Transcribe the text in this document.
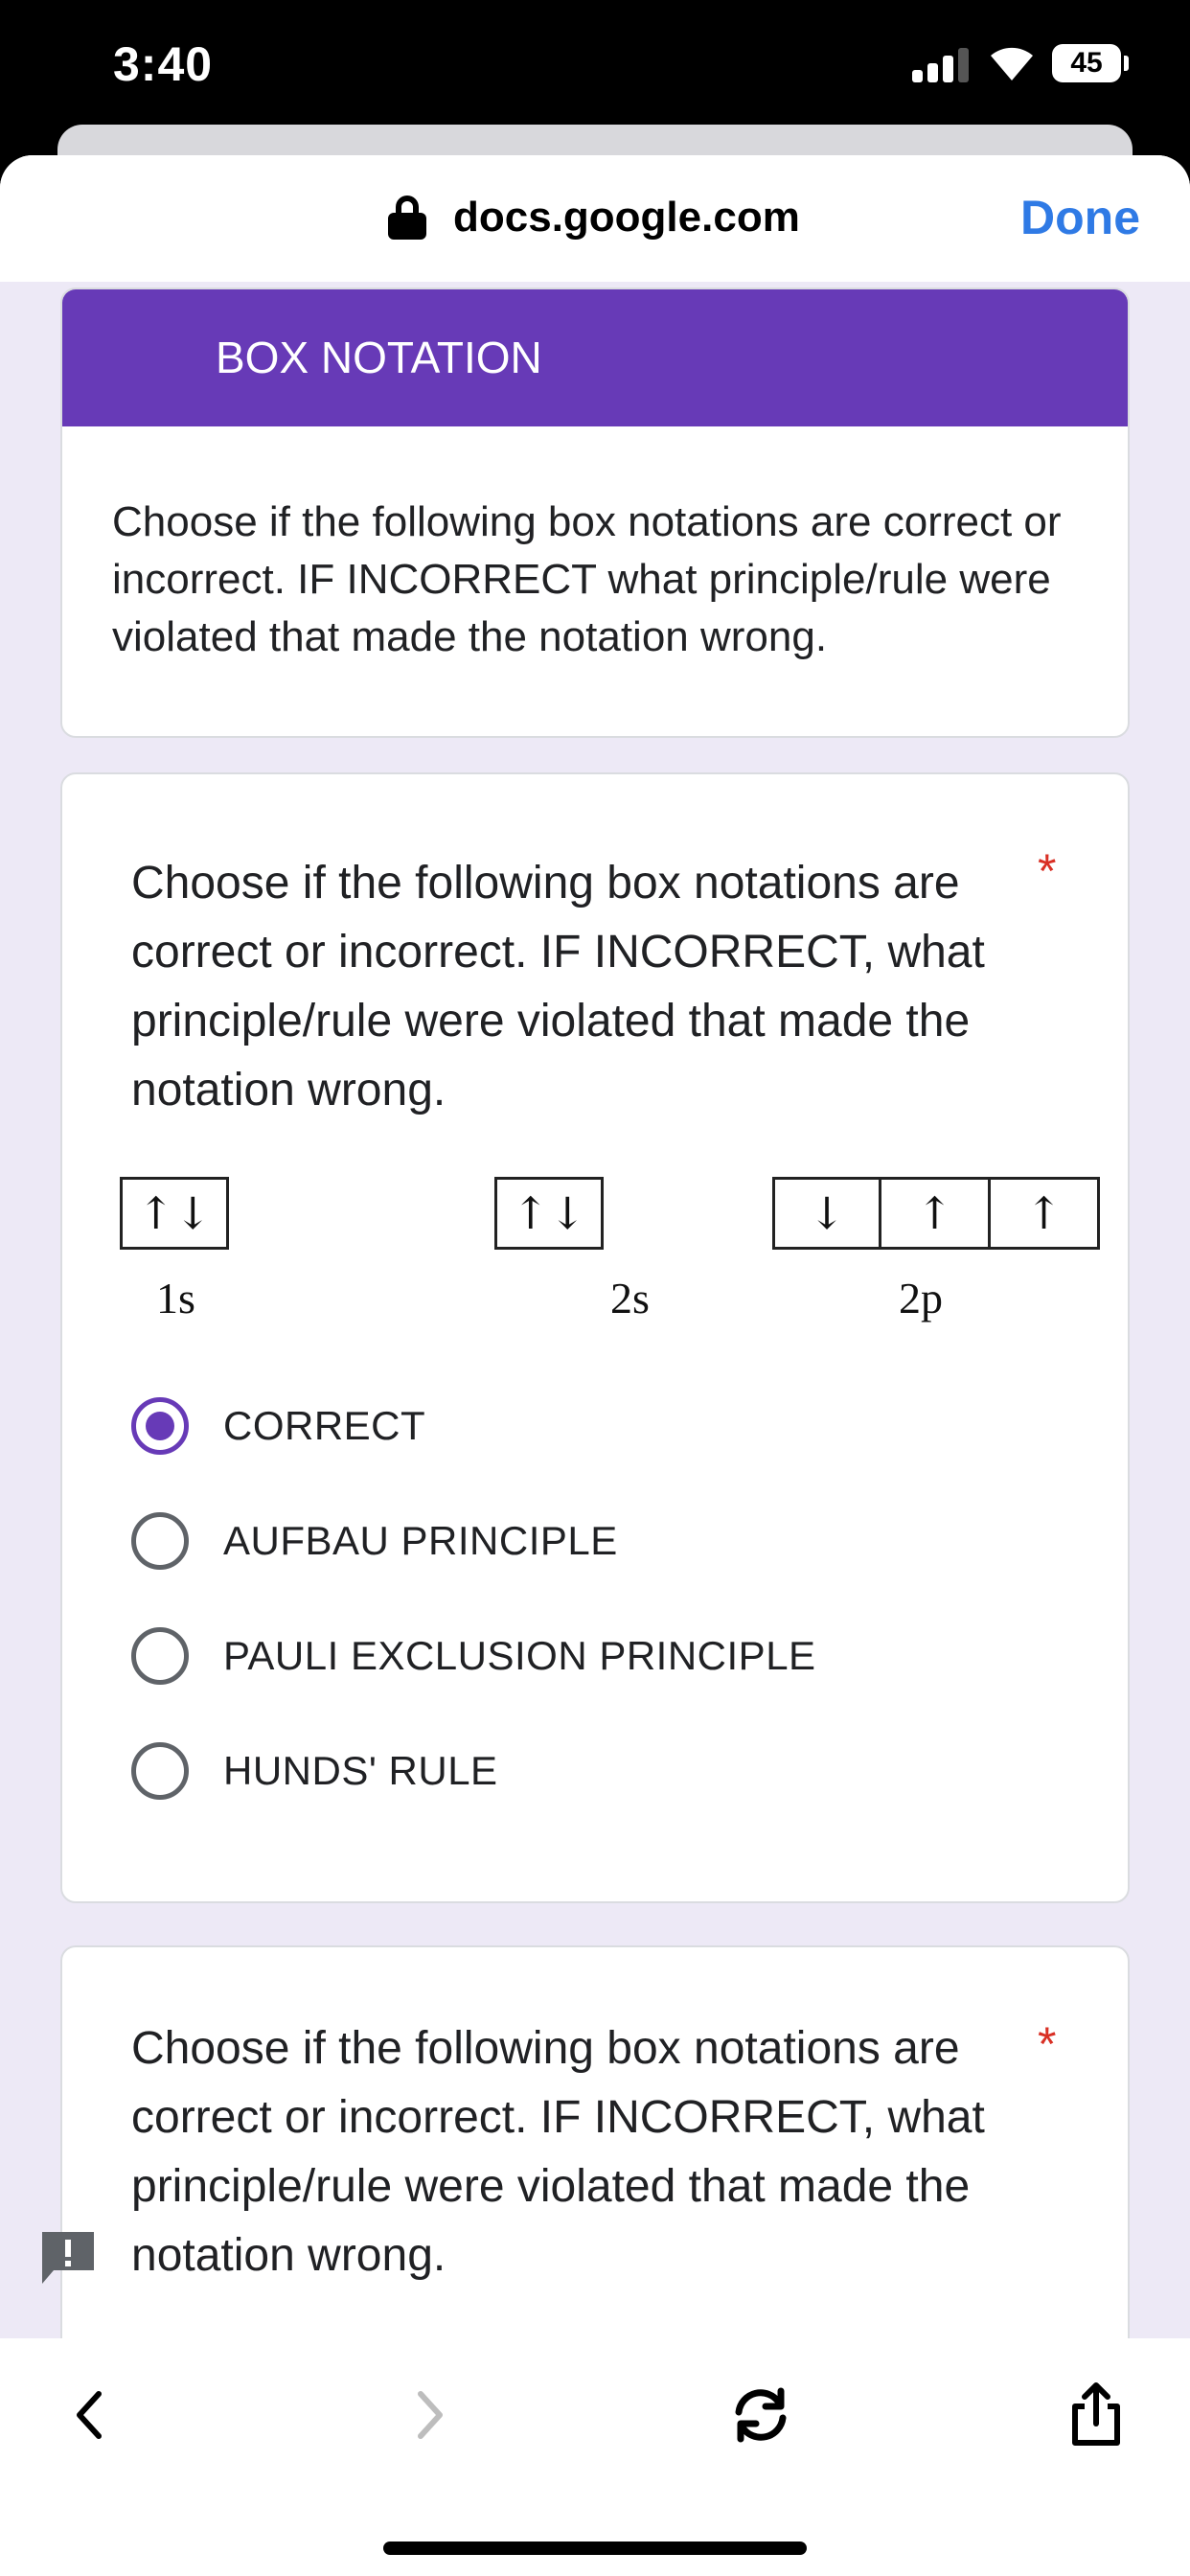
3:40	45
docs.google.com	Done
BOX NOTATION
Choose if the following box notations are correct or incorrect. IF INCORRECT what principle/rule were violated that made the notation wrong.
Choose if the following box notations are correct or incorrect. IF INCORRECT, what principle/rule were violated that made the notation wrong.
*
↑↓
1s
↑↓
2s
↓	↑	↑
2p
CORRECT
AUFBAU PRINCIPLE
PAULI EXCLUSION PRINCIPLE
HUNDS' RULE
Choose if the following box notations are correct or incorrect. IF INCORRECT, what principle/rule were violated that made the notation wrong.
*
